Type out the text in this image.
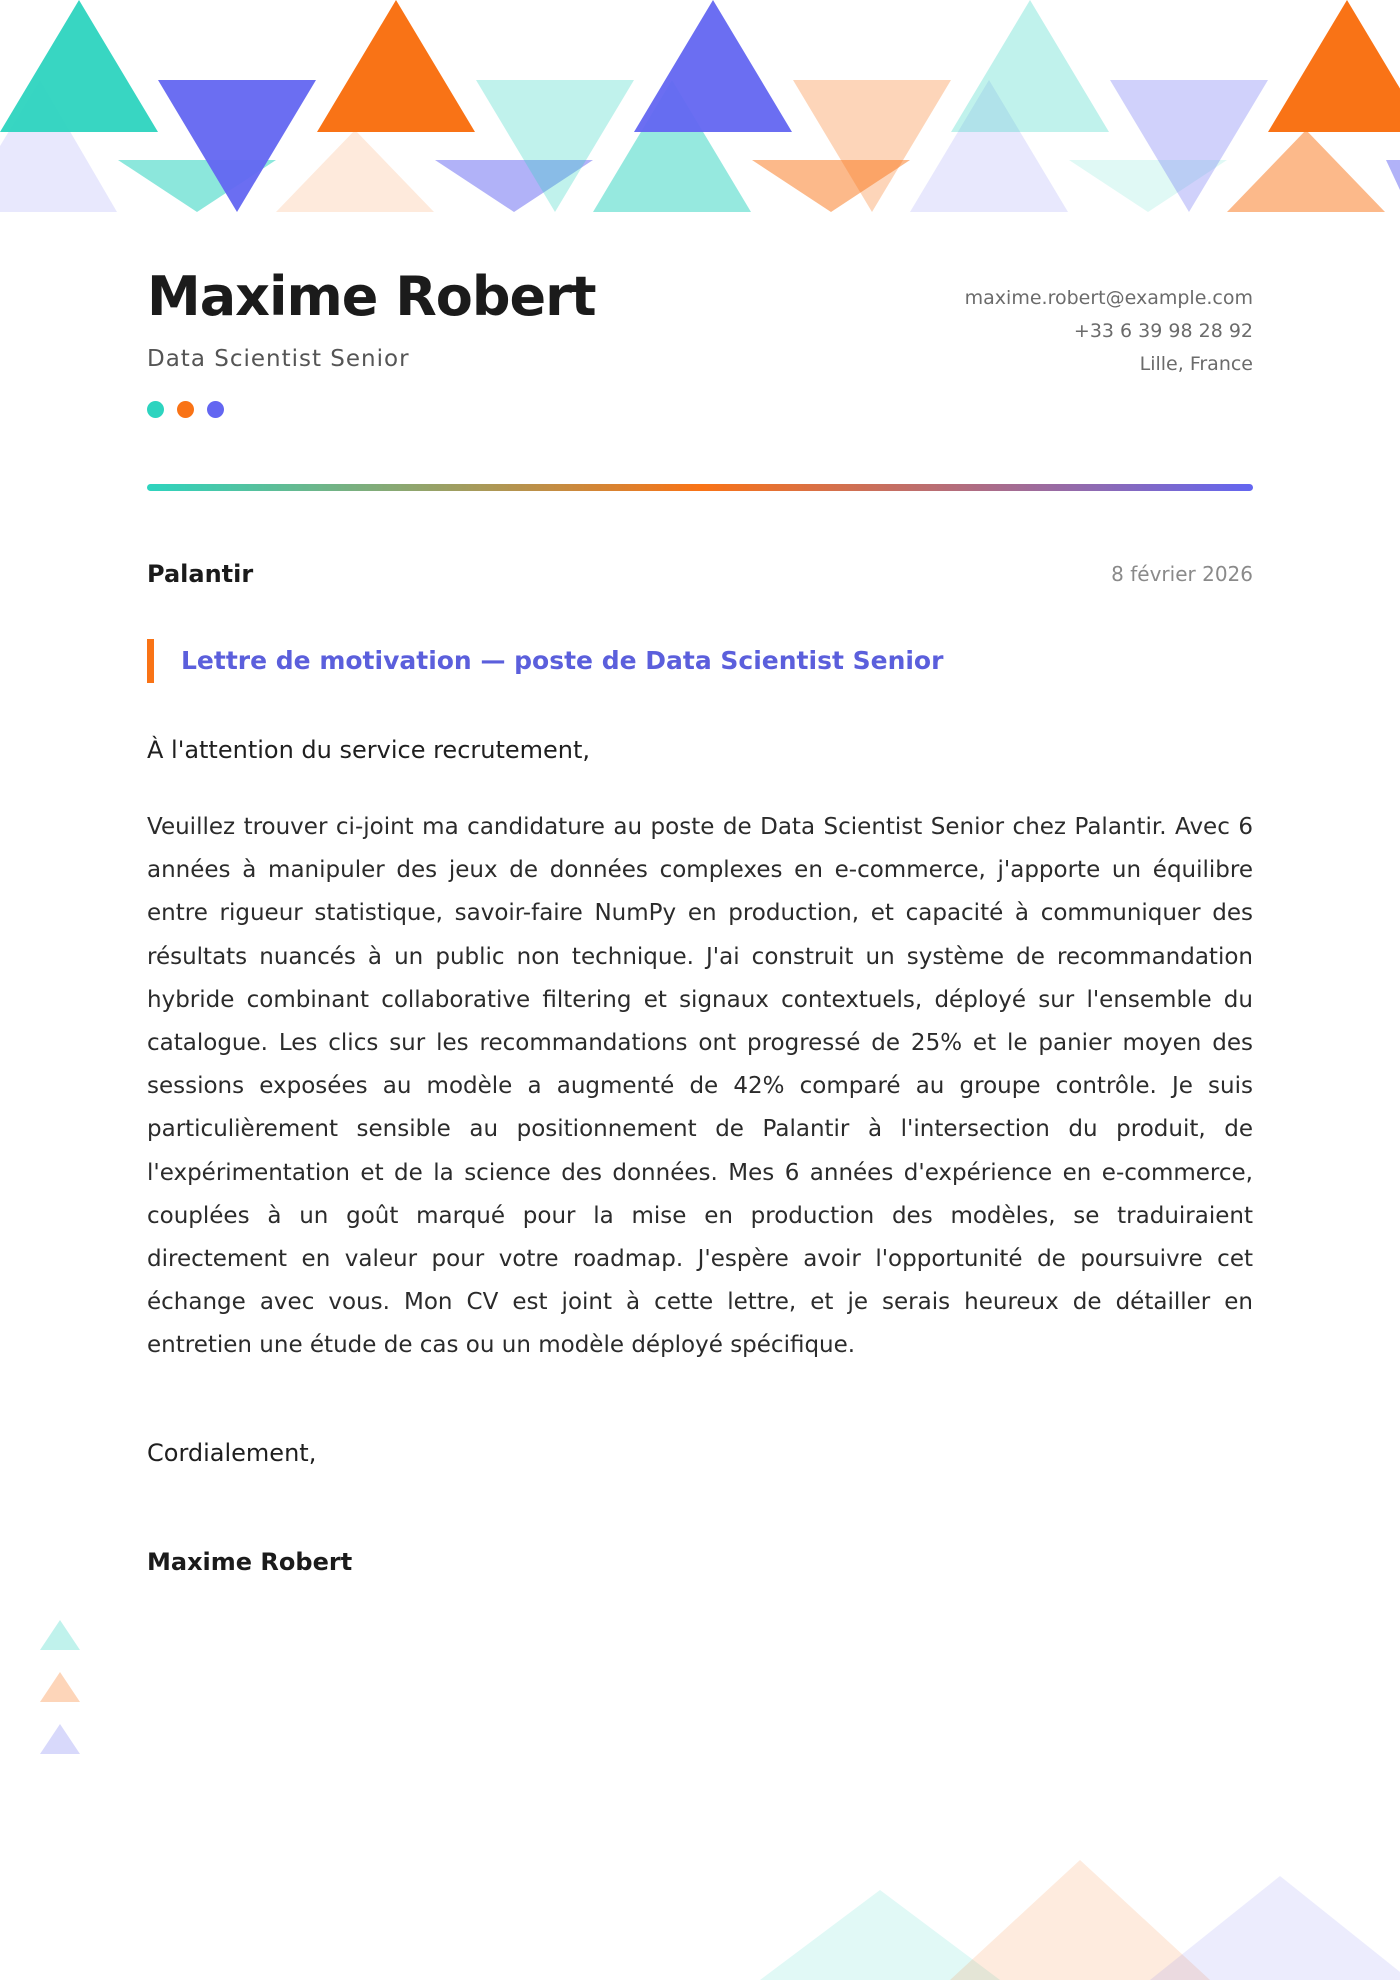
Maxime Robert
Data Scientist Senior
maxime.robert@example.com
+33 6 39 98 28 92
Lille, France
Palantir	8 février 2026
Lettre de motivation — poste de Data Scientist Senior
À l'attention du service recrutement,

Veuillez trouver ci-joint ma candidature au poste de Data Scientist Senior chez Palantir. Avec 6 années à manipuler des jeux de données complexes en e-commerce, j'apporte un équilibre entre rigueur statistique, savoir-faire NumPy en production, et capacité à communiquer des résultats nuancés à un public non technique. J'ai construit un système de recommandation hybride combinant collaborative filtering et signaux contextuels, déployé sur l'ensemble du catalogue. Les clics sur les recommandations ont progressé de 25% et le panier moyen des sessions exposées au modèle a augmenté de 42% comparé au groupe contrôle. Je suis particulièrement sensible au positionnement de Palantir à l'intersection du produit, de l'expérimentation et de la science des données. Mes 6 années d'expérience en e-commerce, couplées à un goût marqué pour la mise en production des modèles, se traduiraient directement en valeur pour votre roadmap. J'espère avoir l'opportunité de poursuivre cet échange avec vous. Mon CV est joint à cette lettre, et je serais heureux de détailler en entretien une étude de cas ou un modèle déployé spécifique.

Cordialement,
Maxime Robert
